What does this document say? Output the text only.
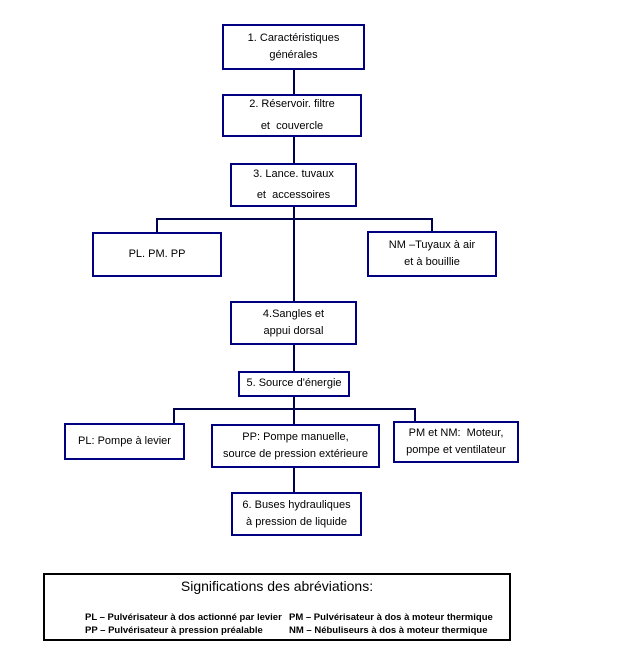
1. Caractéristiques
générales
2. Réservoir. filtre
et  couvercle
3. Lance. tuvaux
et  accessoires
PL. PM. PP
NM –Tuyaux à air
et à bouillie
4.Sangles et
appui dorsal
5. Source d'énergie
PL: Pompe à levier	PP: Pompe manuelle,
source de pression extérieure
PM et NM:  Moteur,
pompe et ventilateur
6. Buses hydrauliques
à pression de liquide
Significations des abréviations:
PL – Pulvérisateur à dos actionné par levier
PP – Pulvérisateur à pression préalable
PM – Pulvérisateur à dos à moteur thermique
NM – Nébuliseurs à dos à moteur thermique
